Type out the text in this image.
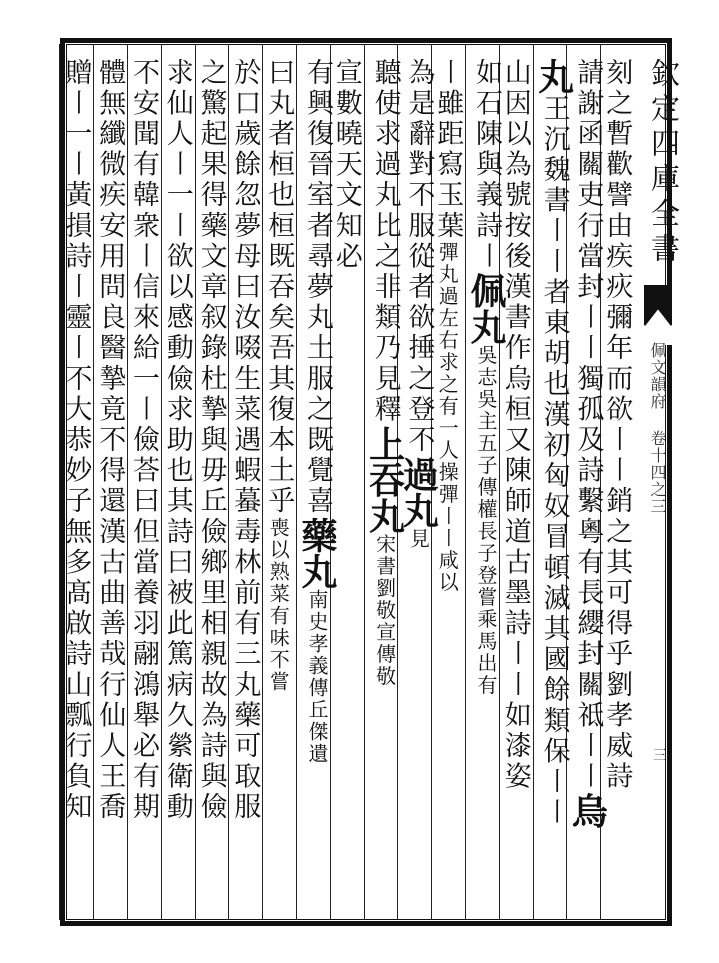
欽定四庫全書
佩文韻府 卷十四之三
三
刻之暫歡譬由疾疢彌年而欲〡〡銷之其可得乎劉孝威詩
請謝函關吏行當封〡〡獨孤及詩繫粵有長纓封關祗〡〡烏
丸王沉魏書〡〡者東胡也漢初匈奴冒頓滅其國餘類保〡〡
山因以為號按後漢書作烏桓又陳師道古墨詩〡〡如漆姿
如石陳與義詩〡佩丸吳志吳主五子傳權長子登嘗乘馬出有
〡雖距寫玉葉彈丸過左右求之有一人操彈〡〡咸以
為是辭對不服從者欲捶之登不過丸見
聽使求過丸比之非類乃見釋上吞丸宋書劉敬宣傳敬
宣數曉天文知必
有興復晉室者尋夢丸土服之既覺喜藥丸南史孝義傳丘傑遺
曰丸者桓也桓既吞矣吾其復本土乎喪以熟菜有味不嘗
於口歲餘忽夢母曰汝啜生菜遇蝦蟇毒林前有三丸藥可取服
之驚起果得藥文章叙錄杜摯與毋丘儉鄉里相親故為詩與儉
求仙人〡一〡欲以感動儉求助也其詩曰被此篤病久縈衛動
不安聞有韓衆〡信來給一〡儉荅曰但當養羽翮鴻舉必有期
體無纖微疾安用問良醫摯竟不得還漢古曲善哉行仙人王喬
贈〡一〡黃損詩〡靈〡不大恭妙子無多髙啟詩山瓢行負知
